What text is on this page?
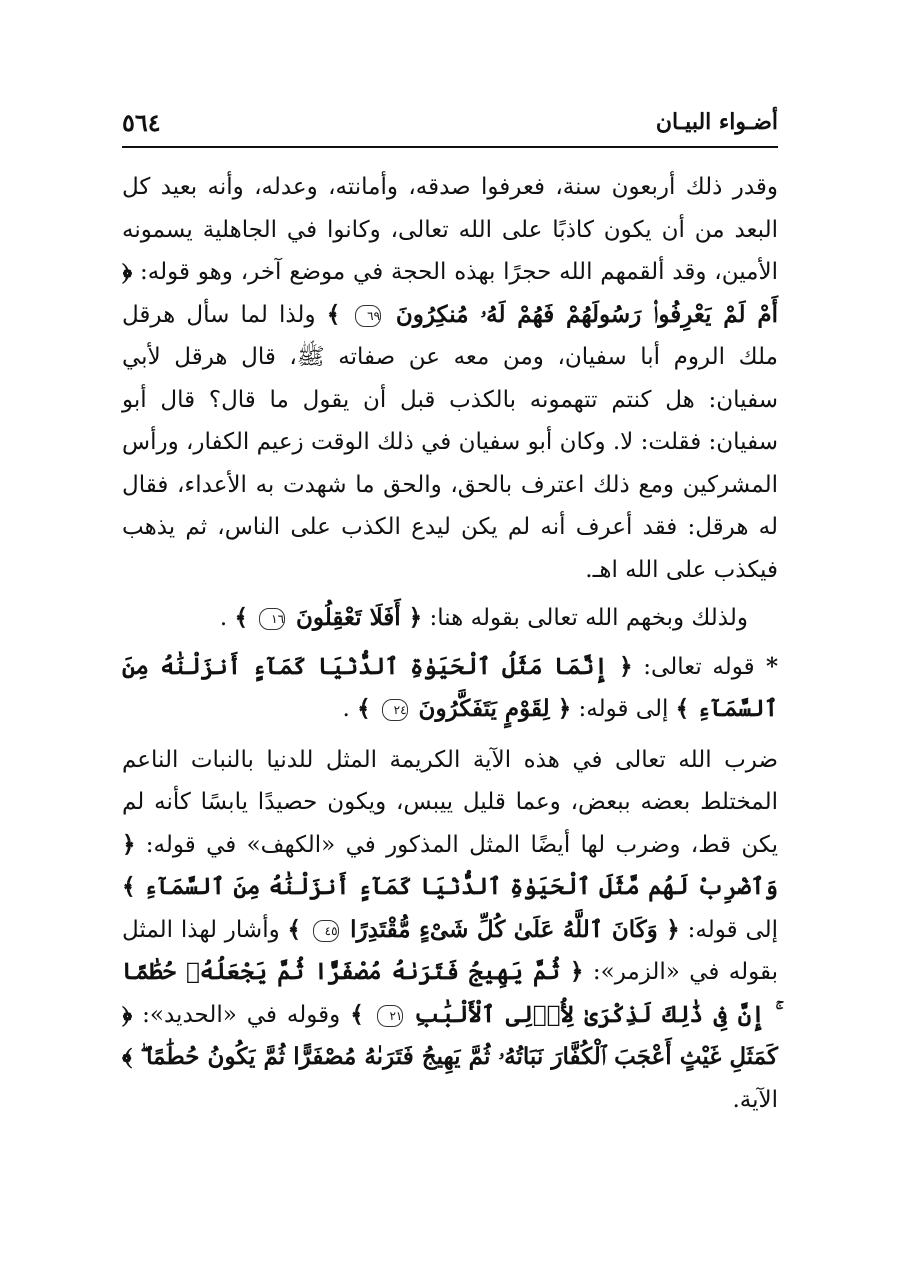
أضـواء البيـان
٥٦٤

وقدر ذلك أربعون سنة، فعرفوا صدقه، وأمانته، وعدله، وأنه بعيد كل البعد من أن يكون كاذبًا على الله تعالى، وكانوا في الجاهلية يسمونه الأمين، وقد ألقمهم الله حجرًا بهذه الحجة في موضع آخر، وهو قوله: ﴿ أَمْ لَمْ يَعْرِفُوا۟ رَسُولَهُمْ فَهُمْ لَهُۥ مُنكِرُونَ ٦٩ ﴾ ولذا لما سأل هرقل ملك الروم أبا سفيان، ومن معه عن صفاته ﷺ، قال هرقل لأبي سفيان: هل كنتم تتهمونه بالكذب قبل أن يقول ما قال؟ قال أبو سفيان: فقلت: لا. وكان أبو سفيان في ذلك الوقت زعيم الكفار، ورأس المشركين ومع ذلك اعترف بالحق، والحق ما شهدت به الأعداء، فقال له هرقل: فقد أعرف أنه لم يكن ليدع الكذب على الناس، ثم يذهب فيكذب على الله اهـ.

ولذلك وبخهم الله تعالى بقوله هنا: ﴿ أَفَلَا تَعْقِلُونَ ١٦ ﴾ .

* قوله تعالى: ﴿ إِنَّمَا مَثَلُ ٱلْحَيَوٰةِ ٱلدُّنْيَا كَمَآءٍ أَنزَلْنَٰهُ مِنَ ٱلسَّمَآءِ ﴾ إلى قوله: ﴿ لِقَوْمٍ يَتَفَكَّرُونَ ٢٤ ﴾ .

ضرب الله تعالى في هذه الآية الكريمة المثل للدنيا بالنبات الناعم المختلط بعضه ببعض، وعما قليل ييبس، ويكون حصيدًا يابسًا كأنه لم يكن قط، وضرب لها أيضًا المثل المذكور في «الكهف» في قوله: ﴿ وَٱضْرِبْ لَهُم مَّثَلَ ٱلْحَيَوٰةِ ٱلدُّنْيَا كَمَآءٍ أَنزَلْنَٰهُ مِنَ ٱلسَّمَآءِ ﴾ إلى قوله: ﴿ وَكَانَ ٱللَّهُ عَلَىٰ كُلِّ شَىْءٍ مُّقْتَدِرًا ٤٥ ﴾ وأشار لهذا المثل بقوله في «الزمر»: ﴿ ثُمَّ يَهِيجُ فَتَرَىٰهُ مُصْفَرًّا ثُمَّ يَجْعَلُهُۥ حُطَٰمًا ۚ إِنَّ فِى ذَٰلِكَ لَذِكْرَىٰ لِأُو۟لِى ٱلْأَلْبَٰبِ ٢١ ﴾ وقوله في «الحديد»: ﴿ كَمَثَلِ غَيْثٍ أَعْجَبَ ٱلْكُفَّارَ نَبَاتُهُۥ ثُمَّ يَهِيجُ فَتَرَىٰهُ مُصْفَرًّا ثُمَّ يَكُونُ حُطَٰمًا ۖ ﴾ الآية.
